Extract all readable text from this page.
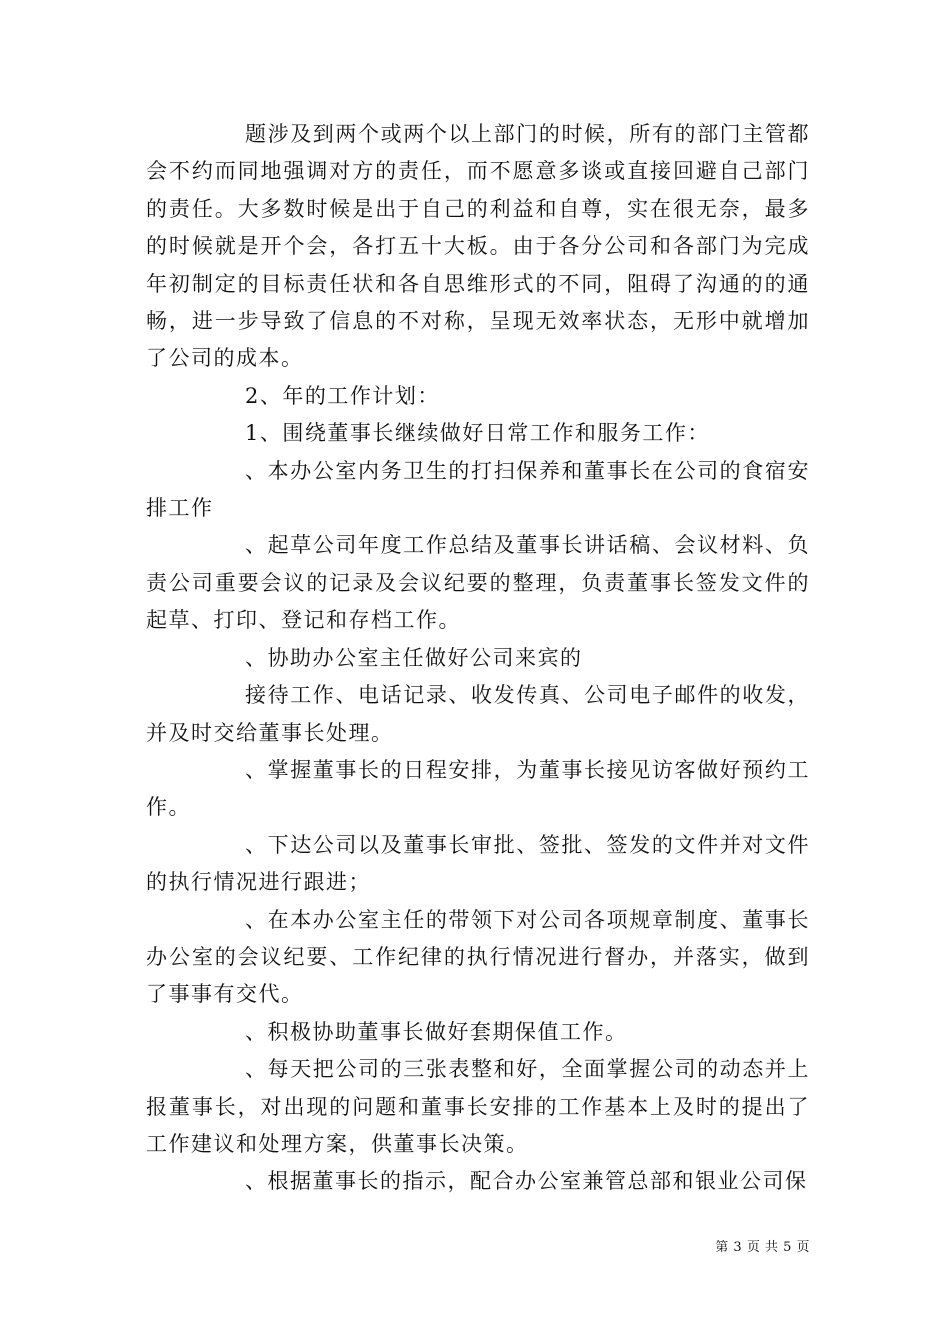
题涉及到两个或两个以上部门的时候，所有的部门主管都会不约而同地强调对方的责任，而不愿意多谈或直接回避自己部门的责任。大多数时候是出于自己的利益和自尊，实在很无奈，最多的时候就是开个会，各打五十大板。由于各分公司和各部门为完成年初制定的目标责任状和各自思维形式的不同，阻碍了沟通的的通畅，进一步导致了信息的不对称，呈现无效率状态，无形中就增加了公司的成本。

2、年的工作计划：

1、围绕董事长继续做好日常工作和服务工作：

、本办公室内务卫生的打扫保养和董事长在公司的食宿安排工作

、起草公司年度工作总结及董事长讲话稿、会议材料、负责公司重要会议的记录及会议纪要的整理，负责董事长签发文件的起草、打印、登记和存档工作。

、协助办公室主任做好公司来宾的

接待工作、电话记录、收发传真、公司电子邮件的收发，并及时交给董事长处理。

、掌握董事长的日程安排，为董事长接见访客做好预约工作。

、下达公司以及董事长审批、签批、签发的文件并对文件的执行情况进行跟进；

、在本办公室主任的带领下对公司各项规章制度、董事长办公室的会议纪要、工作纪律的执行情况进行督办，并落实，做到了事事有交代。

、积极协助董事长做好套期保值工作。

、每天把公司的三张表整和好，全面掌握公司的动态并上报董事长，对出现的问题和董事长安排的工作基本上及时的提出了工作建议和处理方案，供董事长决策。

、根据董事长的指示，配合办公室兼管总部和银业公司保

第 3 页 共 5 页
